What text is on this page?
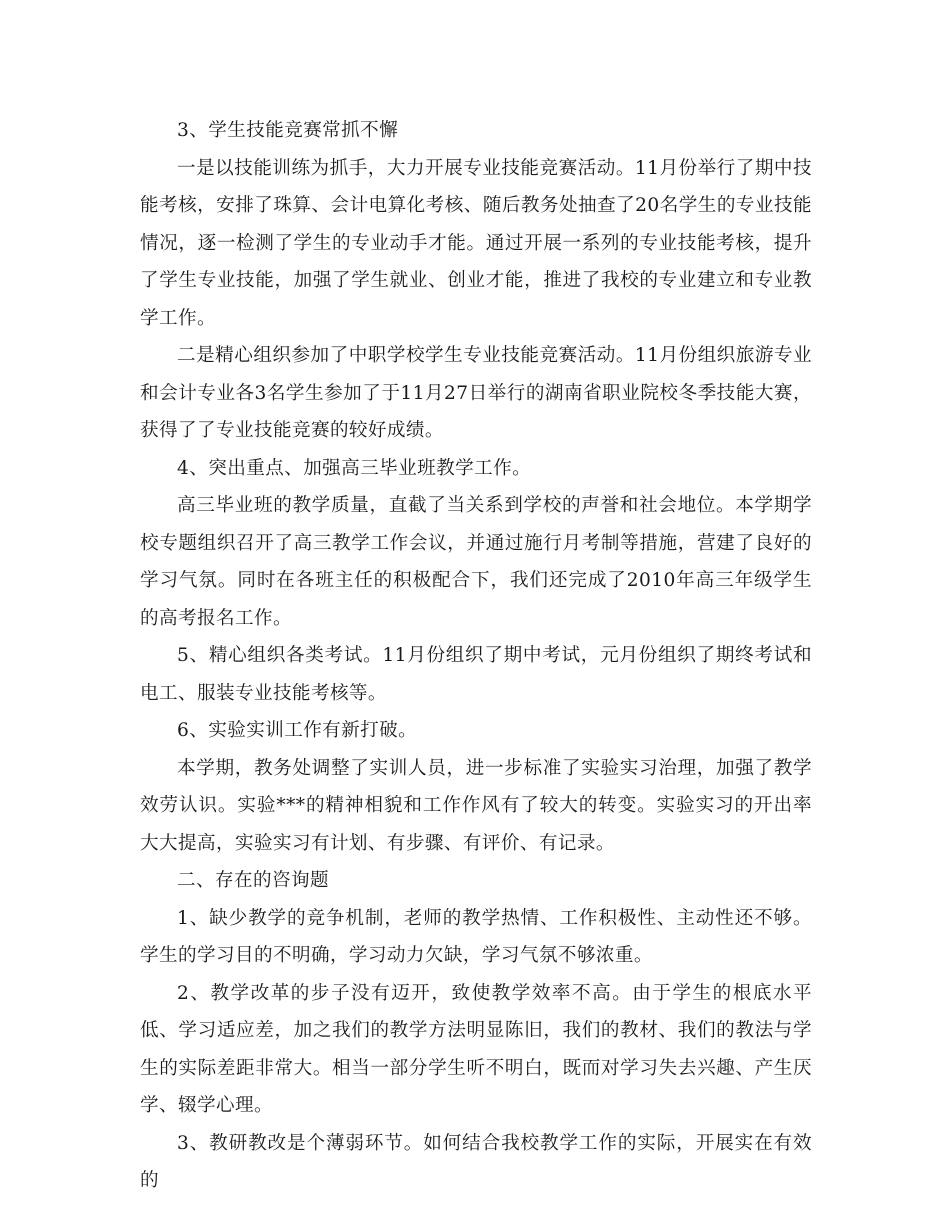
3、学生技能竞赛常抓不懈

一是以技能训练为抓手，大力开展专业技能竞赛活动。11月份举行了期中技能考核，安排了珠算、会计电算化考核、随后教务处抽查了20名学生的专业技能情况，逐一检测了学生的专业动手才能。通过开展一系列的专业技能考核，提升了学生专业技能，加强了学生就业、创业才能，推进了我校的专业建立和专业教学工作。

二是精心组织参加了中职学校学生专业技能竞赛活动。11月份组织旅游专业和会计专业各3名学生参加了于11月27日举行的湖南省职业院校冬季技能大赛，获得了了专业技能竞赛的较好成绩。

4、突出重点、加强高三毕业班教学工作。

高三毕业班的教学质量，直截了当关系到学校的声誉和社会地位。本学期学校专题组织召开了高三教学工作会议，并通过施行月考制等措施，营建了良好的学习气氛。同时在各班主任的积极配合下，我们还完成了2010年高三年级学生的高考报名工作。

5、精心组织各类考试。11月份组织了期中考试，元月份组织了期终考试和电工、服装专业技能考核等。

6、实验实训工作有新打破。

本学期，教务处调整了实训人员，进一步标准了实验实习治理，加强了教学效劳认识。实验***的精神相貌和工作作风有了较大的转变。实验实习的开出率大大提高，实验实习有计划、有步骤、有评价、有记录。

二、存在的咨询题

1、缺少教学的竞争机制，老师的教学热情、工作积极性、主动性还不够。学生的学习目的不明确，学习动力欠缺，学习气氛不够浓重。

2、教学改革的步子没有迈开，致使教学效率不高。由于学生的根底水平低、学习适应差，加之我们的教学方法明显陈旧，我们的教材、我们的教法与学生的实际差距非常大。相当一部分学生听不明白，既而对学习失去兴趣、产生厌学、辍学心理。

3、教研教改是个薄弱环节。如何结合我校教学工作的实际，开展实在有效的
